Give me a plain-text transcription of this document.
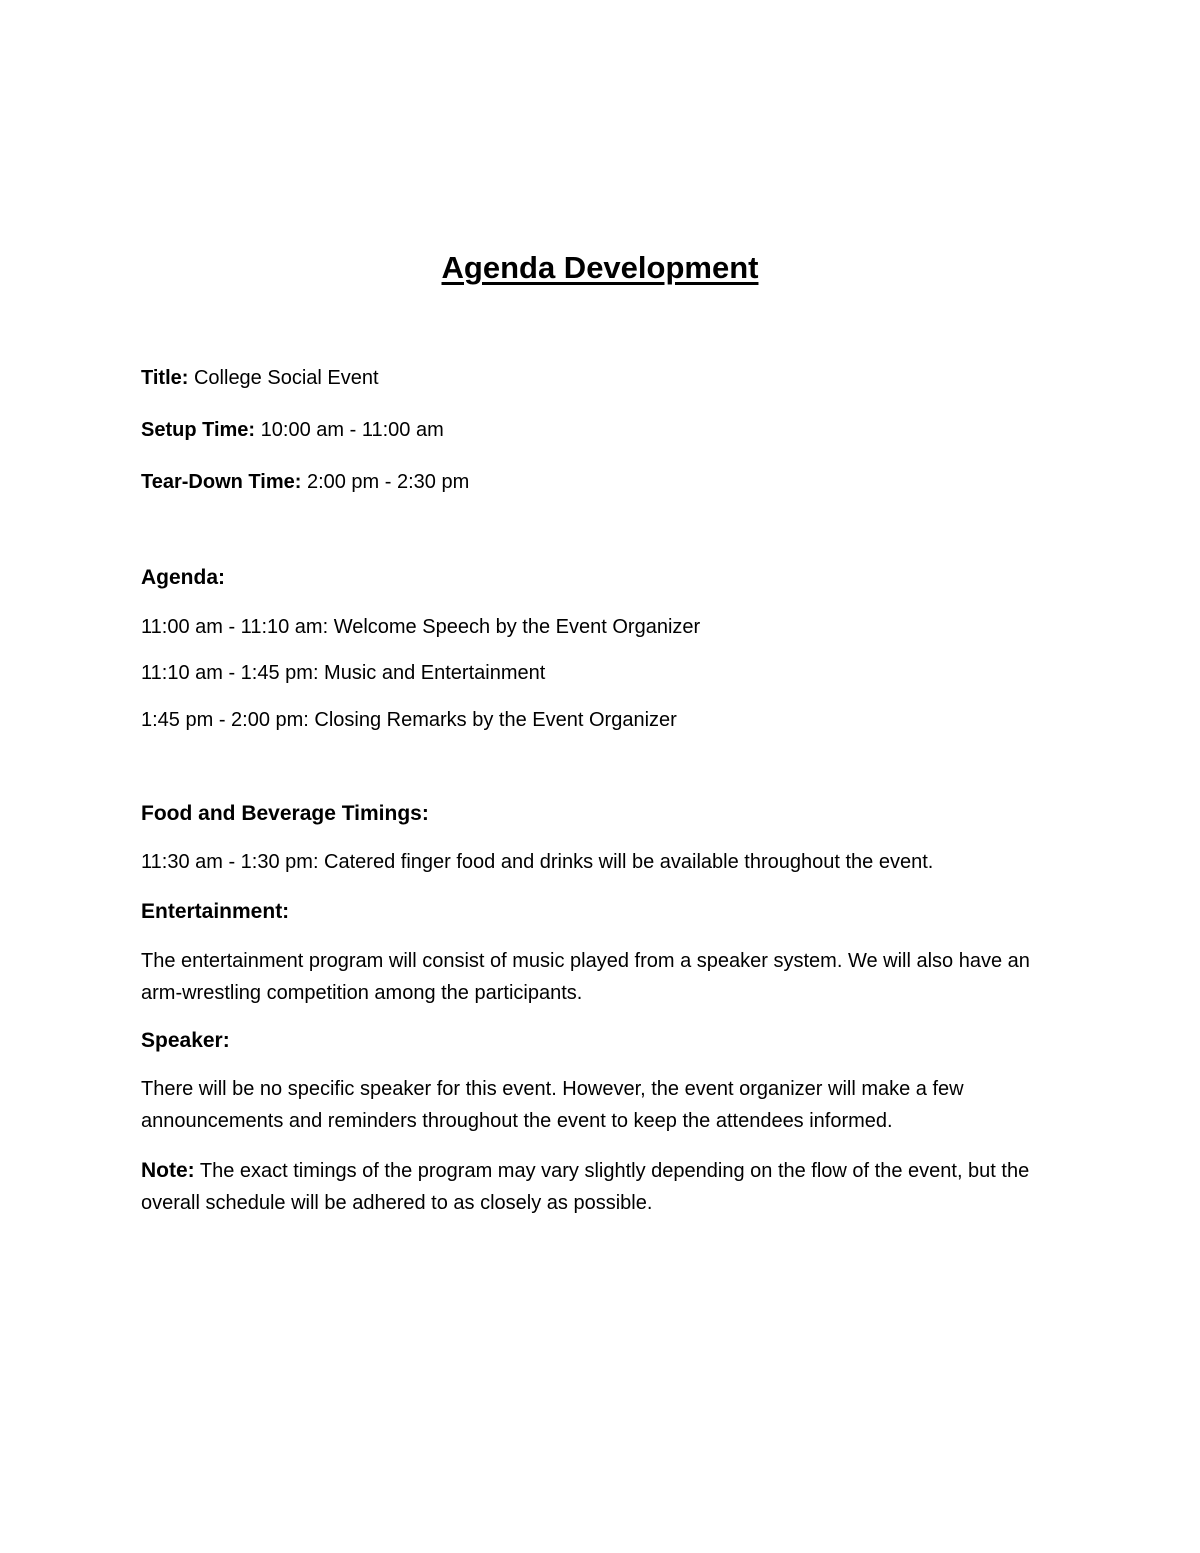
Agenda Development

Title: College Social Event

Setup Time: 10:00 am - 11:00 am

Tear-Down Time: 2:00 pm - 2:30 pm

Agenda:

11:00 am - 11:10 am: Welcome Speech by the Event Organizer

11:10 am - 1:45 pm: Music and Entertainment

1:45 pm - 2:00 pm: Closing Remarks by the Event Organizer

Food and Beverage Timings:

11:30 am - 1:30 pm: Catered finger food and drinks will be available throughout the event.

Entertainment:

The entertainment program will consist of music played from a speaker system. We will also have an arm-wrestling competition among the participants.

Speaker:

There will be no specific speaker for this event. However, the event organizer will make a few announcements and reminders throughout the event to keep the attendees informed.

Note: The exact timings of the program may vary slightly depending on the flow of the event, but the overall schedule will be adhered to as closely as possible.
